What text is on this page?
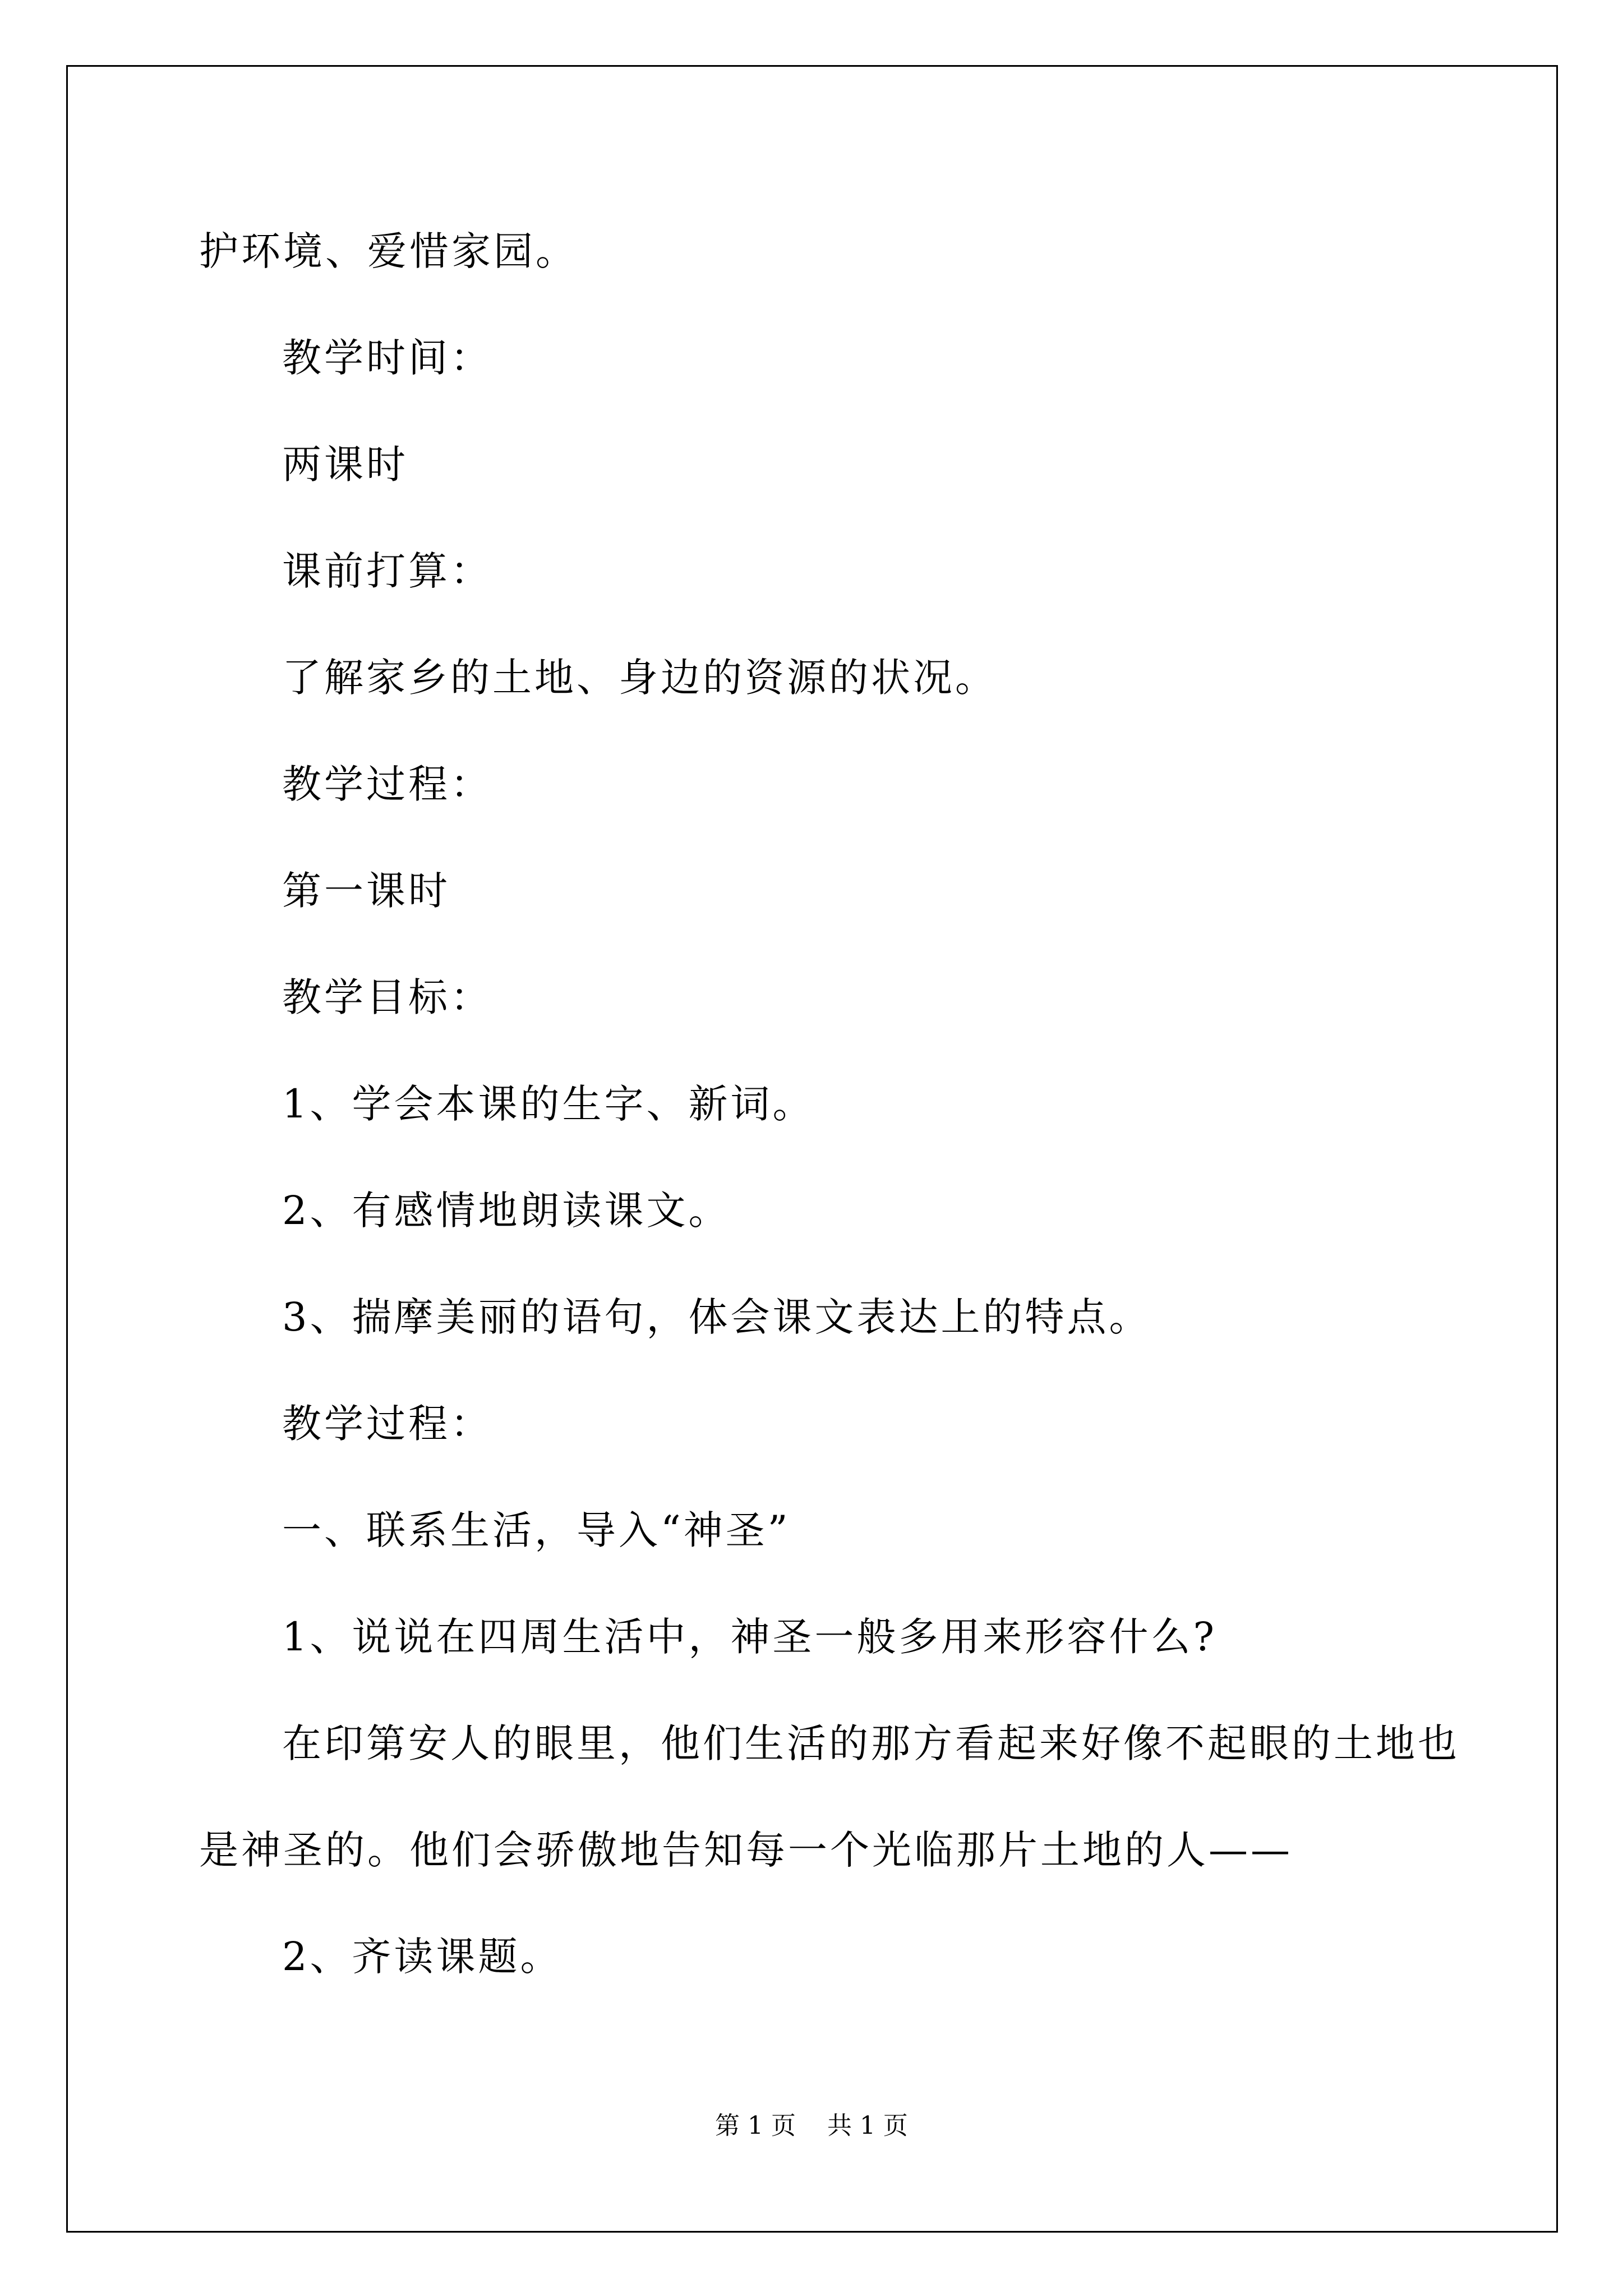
护环境、爱惜家园。
教学时间：
两课时
课前打算：
了解家乡的土地、身边的资源的状况。
教学过程：
第一课时
教学目标：
1、学会本课的生字、新词。
2、有感情地朗读课文。
3、揣摩美丽的语句，体会课文表达上的特点。
教学过程：
一、联系生活，导入“神圣”
1、说说在四周生活中，神圣一般多用来形容什么?
在印第安人的眼里，他们生活的那方看起来好像不起眼的土地也
是神圣的。他们会骄傲地告知每一个光临那片土地的人——
2、齐读课题。
第 1 页    共 1 页
